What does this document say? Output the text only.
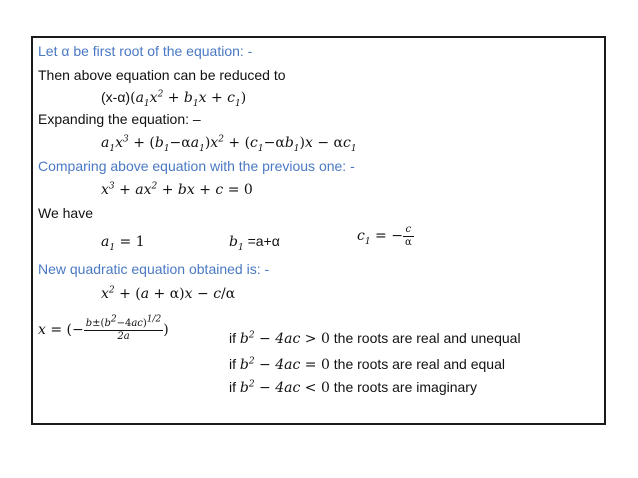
Let α be first root of the equation: -
Then above equation can be reduced to
$(x-\alpha)(a_1x^2 + b_1x + c_1)$
Expanding the equation: –
$a_1x^3 + (b_1-\alpha a_1)x^2 + (c_1-\alpha b_1)x - \alpha c_1$
Comparing above equation with the previous one: -
$x^3 + ax^2$ + bx + c = 0
We have
$a_1 = 1$	$b_1 =a+\alpha$	$c_1$ = − $\frac{c}{\alpha}$
New quadratic equation obtained is: -
$x^2 + (a + \alpha)x - c/\alpha$
x = (− $\frac{b\pm(b^2-4ac)^{1/2}}{2a}$ )	if $b^2 - 4ac > 0$ the roots are real and unequal
if $b^2 - 4ac = 0$ the roots are real and equal
if $b^2 - 4ac < 0$ the roots are imaginary
